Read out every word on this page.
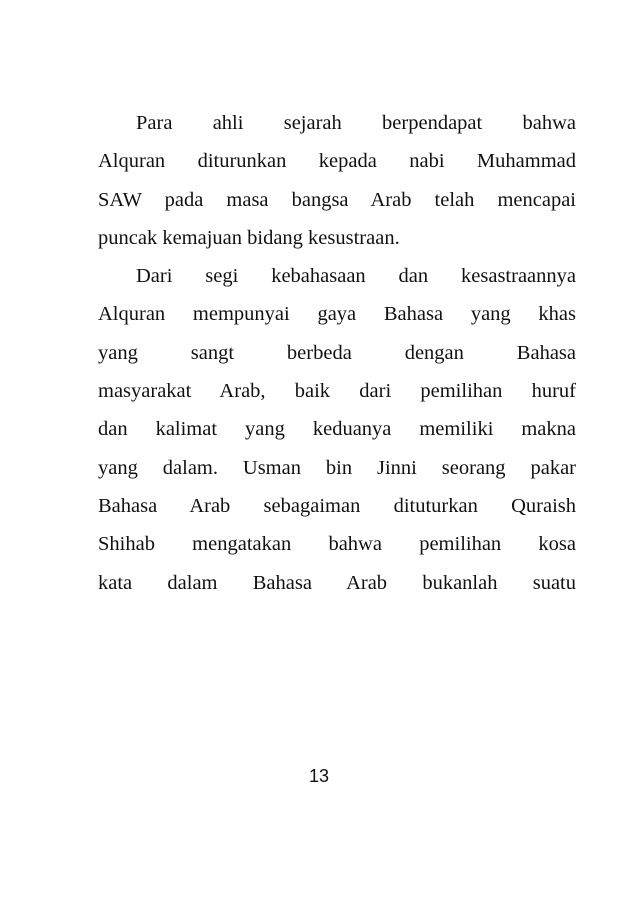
Para ahli sejarah berpendapat bahwa
Alquran diturunkan kepada nabi Muhammad
SAW pada masa bangsa Arab telah mencapai
puncak kemajuan bidang kesustraan.
Dari segi kebahasaan dan kesastraannya
Alquran mempunyai gaya Bahasa yang khas
yang sangt berbeda dengan Bahasa
masyarakat Arab, baik dari pemilihan huruf
dan kalimat yang keduanya memiliki makna
yang dalam. Usman bin Jinni seorang pakar
Bahasa Arab sebagaiman dituturkan Quraish
Shihab mengatakan bahwa pemilihan kosa
kata dalam Bahasa Arab bukanlah suatu
13
